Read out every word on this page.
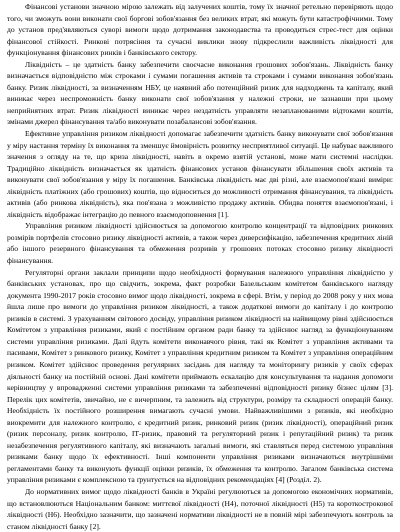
Фінансові установи значною мірою залежать від залучених коштів, тому їх значної ретельно перевіряють щодо того, чи зможуть вони виконати свої боргові зобов'язання без великих втрат, які можуть бути катастрофічними. Тому до установ пред'являються суворі вимоги щодо дотримання законодавства та проводиться стрес-тест для оцінки фінансової стійкості. Ринкові потрясіння та сучасні виклики знову підкреслили важливість ліквідності для функціонування фінансових ринків і банківського сектору.

Ліквідність – це здатність банку забезпечити своєчасне виконання грошових зобов'язань. Ліквідність банку визначається відповідністю між строками і сумами погашення активів та строками і сумами виконання зобов'язань банку. Ризик ліквідності, за визначенням НБУ, це наявний або потенційний ризик для надходжень та капіталу, який виникає через неспроможність банку виконати свої зобов'язання у належні строки, не зазнавши при цьому неприйнятних втрат. Ризик ліквідності виникає через нездатність управляти незапланованими відтоками коштів, змінами джерел фінансування та/або виконувати позабалансові зобов'язання.

Ефективне управління ризиком ліквідності допомагає забезпечити здатність банку виконувати свої зобов'язання у міру настання терміну їх виконання та зменшує ймовірність розвитку несприятливої ситуації. Це набуває важливого значення з огляду на те, що криза ліквідності, навіть в окремо взятій установі, може мати системні наслідки. Традиційно ліквідність визначається як здатність фінансових установ фінансувати збільшення своїх активів та виконувати свої зобов'язання у міру їх погашення. Банківська ліквідність має дві різні, але взаємопов'язані виміри: ліквідність платіжних (або грошових) коштів, що відноситься до можливості отримання фінансування, та ліквідність активів (або ринкова ліквідність), яка пов'язана з можливістю продажу активів. Обидва поняття взаємопов'язані, і ліквідність відображає інтеграцію до певного взаємодоповнення [1].

Управління ризиком ліквідності здійснюється за допомогою контролю концентрації та відповідних ринкових розмірів портфелів стосовно ризику ліквідності активів, а також через диверсифікацію, забезпечення кредитних ліній або іншого резервного фінансування та обмеження розривів у грошових потоках стосовно ризику ліквідності фінансування.

Регуляторні органи заклали принципи щодо необхідності формування належного управління ліквідністю у банківських установах, про що свідчить, зокрема, факт розробки Базельським комітетом банківського нагляду документа 1990-2017 років стосовно вимог щодо ліквідності, зокрема в сфері. Втім, у період до 2008 року у них мова йшла лише про вимоги до управління ризиком ліквідності, а також додаткові вимоги до капіталу і до контролю ризиків в системі. З урахуванням світового досвіду, управління ризиком ліквідності на найвищому рівні здійснюється Комітетом з управління ризиками, який є постійним органом ради банку та здійснює нагляд за функціонуванням системи управління ризиками. Далі йдуть комітети виконавчого рівня, такі як Комітет з управління активами та пасивами, Комітет з ринкового ризику, Комітет з управління кредитним ризиком та Комітет з управління операційним ризиком. Комітет здійснює проведення регулярних засідань для нагляду та моніторингу ризиків у своїх сферах діяльності банку на постійній основі. Дані комітети приймають ескалацію для консультування та надання допомоги керівництву у впровадженні системи управління ризиками та забезпеченні відповідності ризику бізнес цілям [3]. Перелік цих комітетів, звичайно, не є вичерпним, та залежить від структури, розміру та складності операцій банку. Необхідність їх постійного розширення вимагають сучасні умови. Найважливішими з ризиків, які необхідно виокремити для належного контролю, є кредитний ризик, ринковий ризик (ризик ліквідності), операційний ризик (ризик персоналу, ризик контролю, ІТ-ризик, правовий та регуляторний ризик і репутаційний ризик) та ризик незабезпечення регулятивного капіталу, які визначають загальні вимоги, які ставляться перед системою управління ризиками банку щодо їх ефективності. Інші компоненти управління ризиками визначаються внутрішніми регламентами банку та виконують функції оцінки ризиків, їх обмеження та контролю. Загалом банківська система управління ризиками є комплексною та ґрунтується на відповідних рекомендаціях [4] (Розділ. 2).

До нормативних вимог щодо ліквідності банків в Україні регулюються за допомогою економічних нормативів, що встановлюються Національним банком: миттєвої ліквідності (Н4), поточної ліквідності (Н5) та короткострокової ліквідності (Н6). Необхідно зазначити, що зазначені нормативи ліквідності не в повній мірі забезпечують контроль за станом ліквідності банку [2].
